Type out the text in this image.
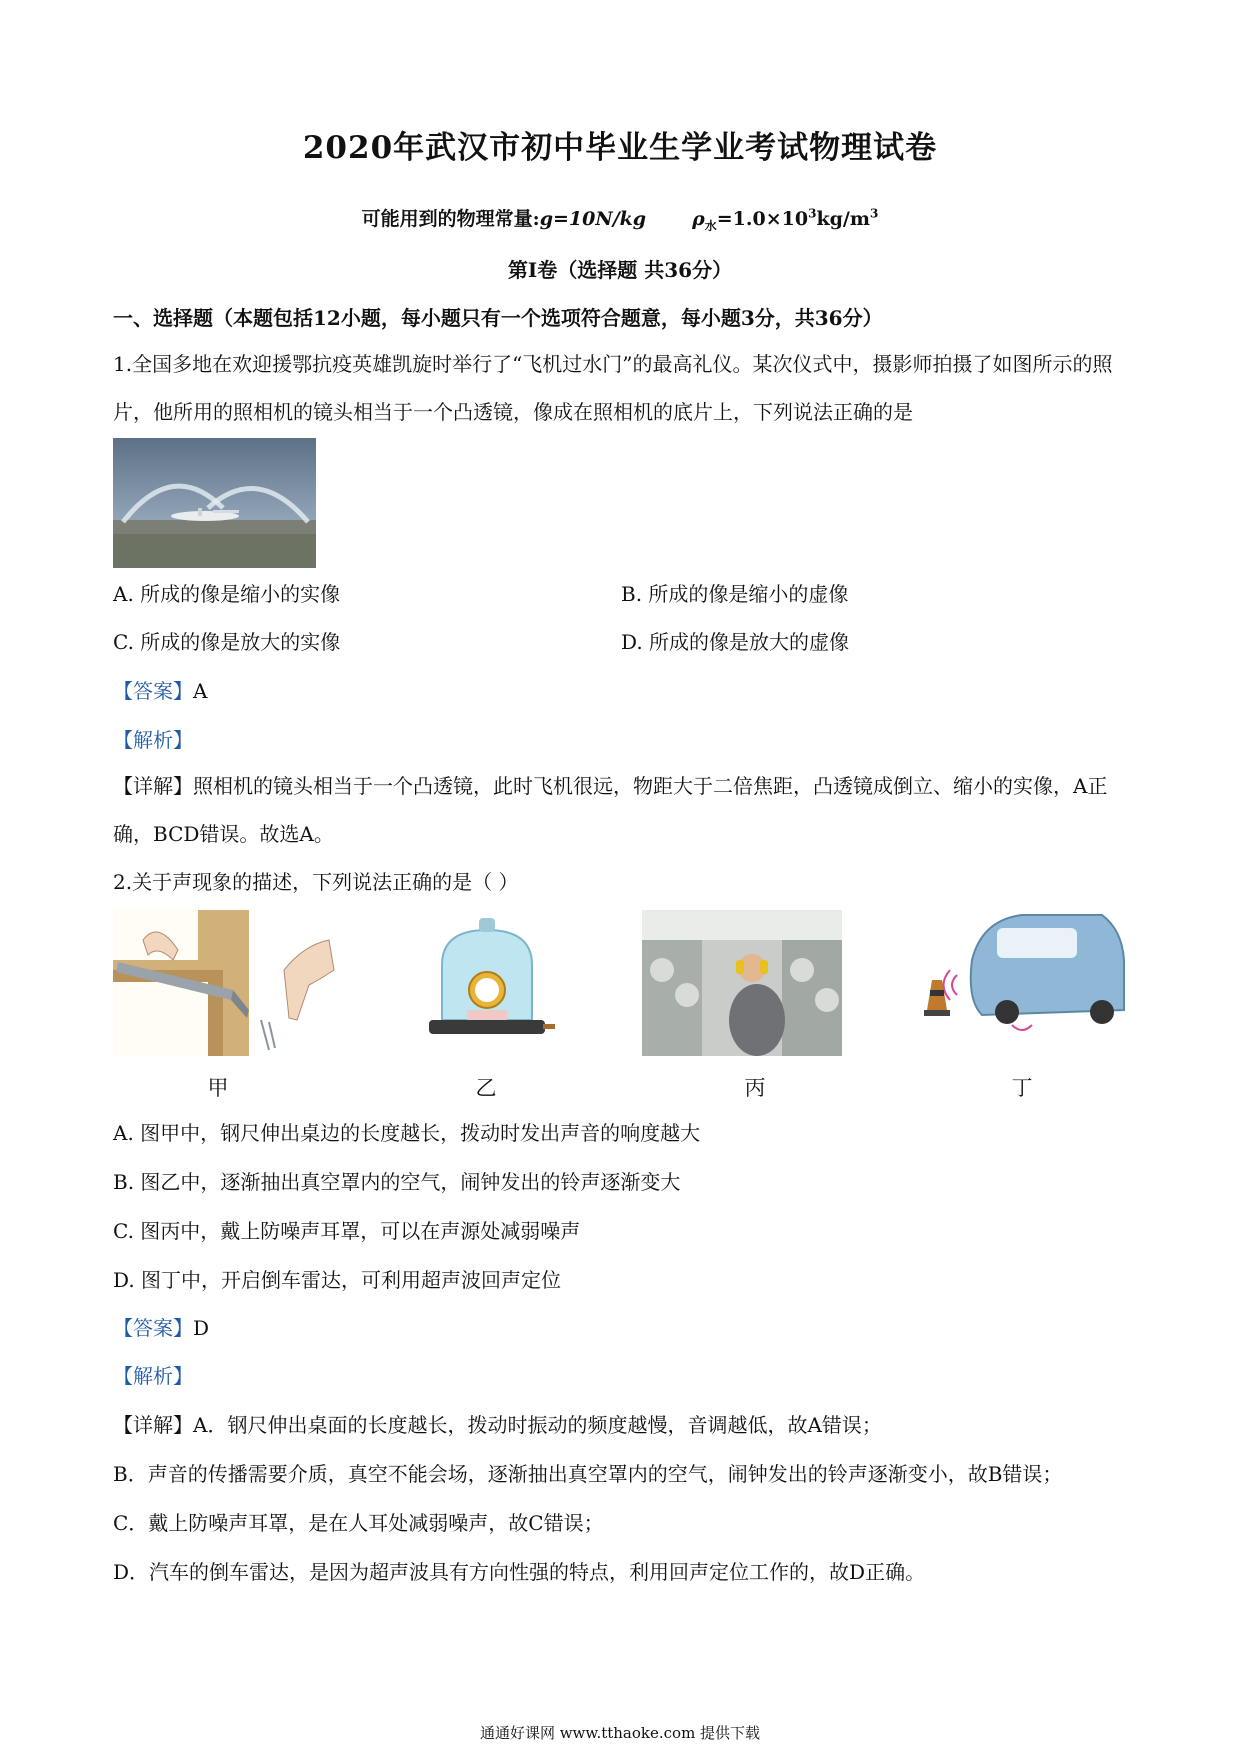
2020年武汉市初中毕业生学业考试物理试卷
可能用到的物理常量:g=10N/kg $\rho_水=1.0\times 10^3kg/m^3$
第I卷（选择题 共36分）
一、选择题（本题包括12小题，每小题只有一个选项符合题意，每小题3分，共36分）
1.全国多地在欢迎援鄂抗疫英雄凯旋时举行了“飞机过水门”的最高礼仪。某次仪式中，摄影师拍摄了如图所示的照片，他所用的照相机的镜头相当于一个凸透镜，像成在照相机的底片上，下列说法正确的是
A. 所成的像是缩小的实像	B. 所成的像是缩小的虚像
C. 所成的像是放大的实像	D. 所成的像是放大的虚像
【答案】A
【解析】
【详解】照相机的镜头相当于一个凸透镜，此时飞机很远，物距大于二倍焦距，凸透镜成倒立、缩小的实像，A正确，BCD错误。故选A。
2.关于声现象的描述，下列说法正确的是（ ）
甲	乙	丙	丁
A. 图甲中，钢尺伸出桌边的长度越长，拨动时发出声音的响度越大
B. 图乙中，逐渐抽出真空罩内的空气，闹钟发出的铃声逐渐变大
C. 图丙中，戴上防噪声耳罩，可以在声源处减弱噪声
D. 图丁中，开启倒车雷达，可利用超声波回声定位
【答案】D
【解析】
【详解】A．钢尺伸出桌面的长度越长，拨动时振动的频度越慢，音调越低，故A错误；
B．声音的传播需要介质，真空不能会场，逐渐抽出真空罩内的空气，闹钟发出的铃声逐渐变小，故B错误；
C．戴上防噪声耳罩，是在人耳处减弱噪声，故C错误；
D．汽车的倒车雷达，是因为超声波具有方向性强的特点，利用回声定位工作的，故D正确。
通通好课网 www.tthaoke.com 提供下载
